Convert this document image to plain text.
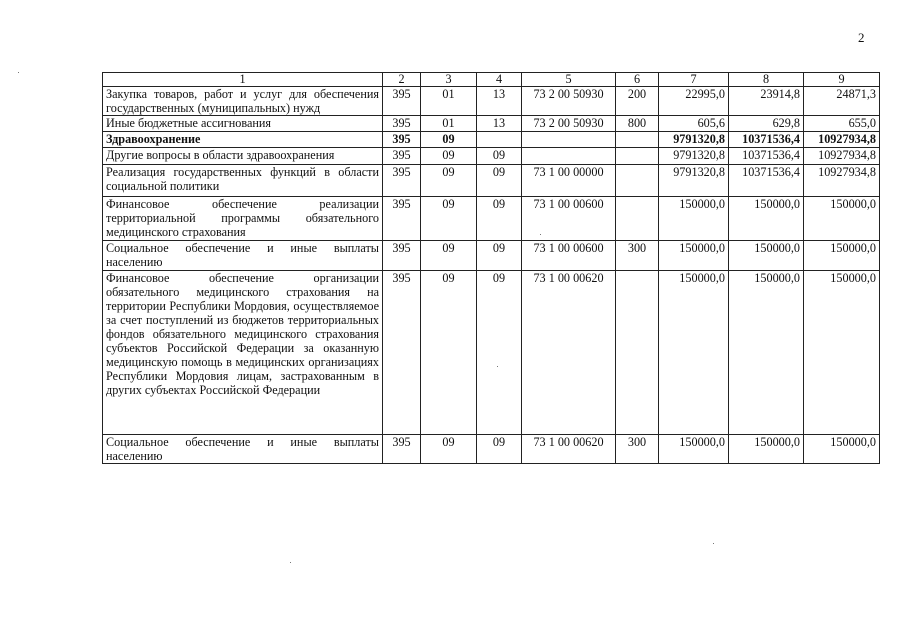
2
1	2	3	4	5	6	7	8	9
Закупка товаров, работ и услуг для обеспечения государственных (муниципальных) нужд	395	01	13	73 2 00 50930	200	22995,0	23914,8	24871,3
Иные бюджетные ассигнования	395	01	13	73 2 00 50930	800	605,6	629,8	655,0
Здравоохранение	395	09				9791320,8	10371536,4	10927934,8
Другие вопросы в области здравоохранения	395	09	09			9791320,8	10371536,4	10927934,8
Реализация государственных функций в области социальной политики	395	09	09	73 1 00 00000		9791320,8	10371536,4	10927934,8
Финансовое обеспечение реализации территориальной программы обязательного медицинского страхования	395	09	09	73 1 00 00600		150000,0	150000,0	150000,0
Социальное обеспечение и иные выплаты населению	395	09	09	73 1 00 00600	300	150000,0	150000,0	150000,0
Финансовое обеспечение организации обязательного медицинского страхования на территории Республики Мордовия, осуществляемое за счет поступлений из бюджетов территориальных фондов обязательного медицинского страхования субъектов Российской Федерации за оказанную медицинскую помощь в медицинских организациях Республики Мордовия лицам, застрахованным в других субъектах Российской Федерации	395	09	09	73 1 00 00620		150000,0	150000,0	150000,0
Социальное обеспечение и иные выплаты населению	395	09	09	73 1 00 00620	300	150000,0	150000,0	150000,0
